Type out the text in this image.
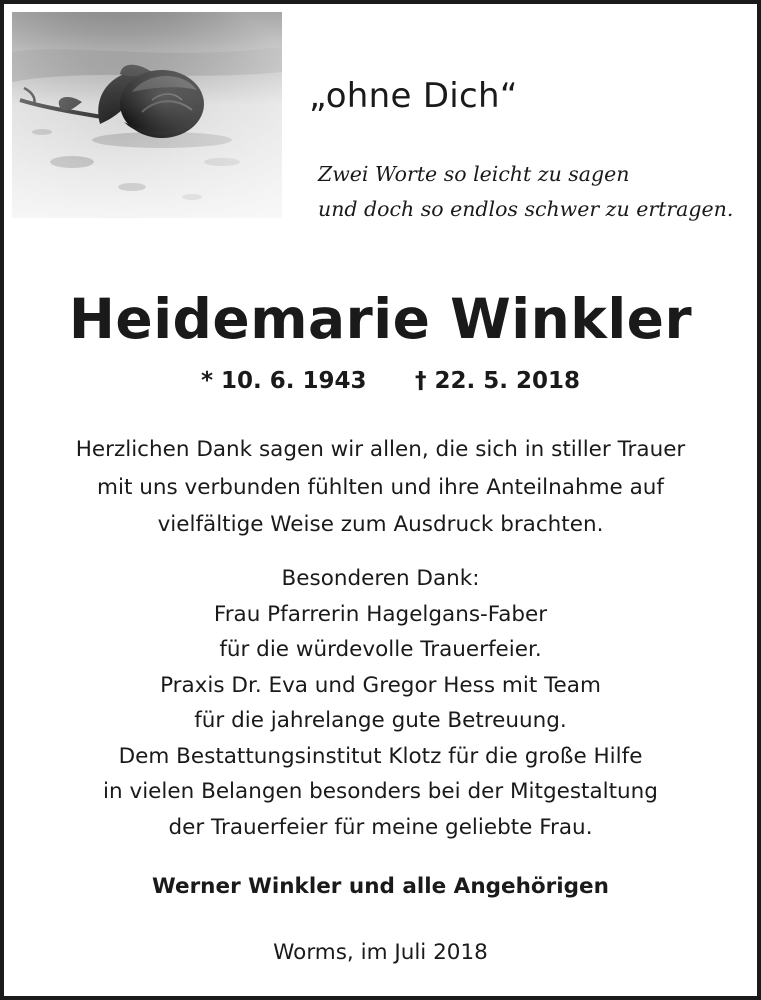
„ohne Dich“
Zwei Worte so leicht zu sagen
und doch so endlos schwer zu ertragen.
Heidemarie Winkler
* 10. 6. 1943 † 22. 5. 2018
Herzlichen Dank sagen wir allen, die sich in stiller Trauer
mit uns verbunden fühlten und ihre Anteilnahme auf
vielfältige Weise zum Ausdruck brachten.
Besonderen Dank:
Frau Pfarrerin Hagelgans-Faber
für die würdevolle Trauerfeier.
Praxis Dr. Eva und Gregor Hess mit Team
für die jahrelange gute Betreuung.
Dem Bestattungsinstitut Klotz für die große Hilfe
in vielen Belangen besonders bei der Mitgestaltung
der Trauerfeier für meine geliebte Frau.
Werner Winkler und alle Angehörigen
Worms, im Juli 2018
